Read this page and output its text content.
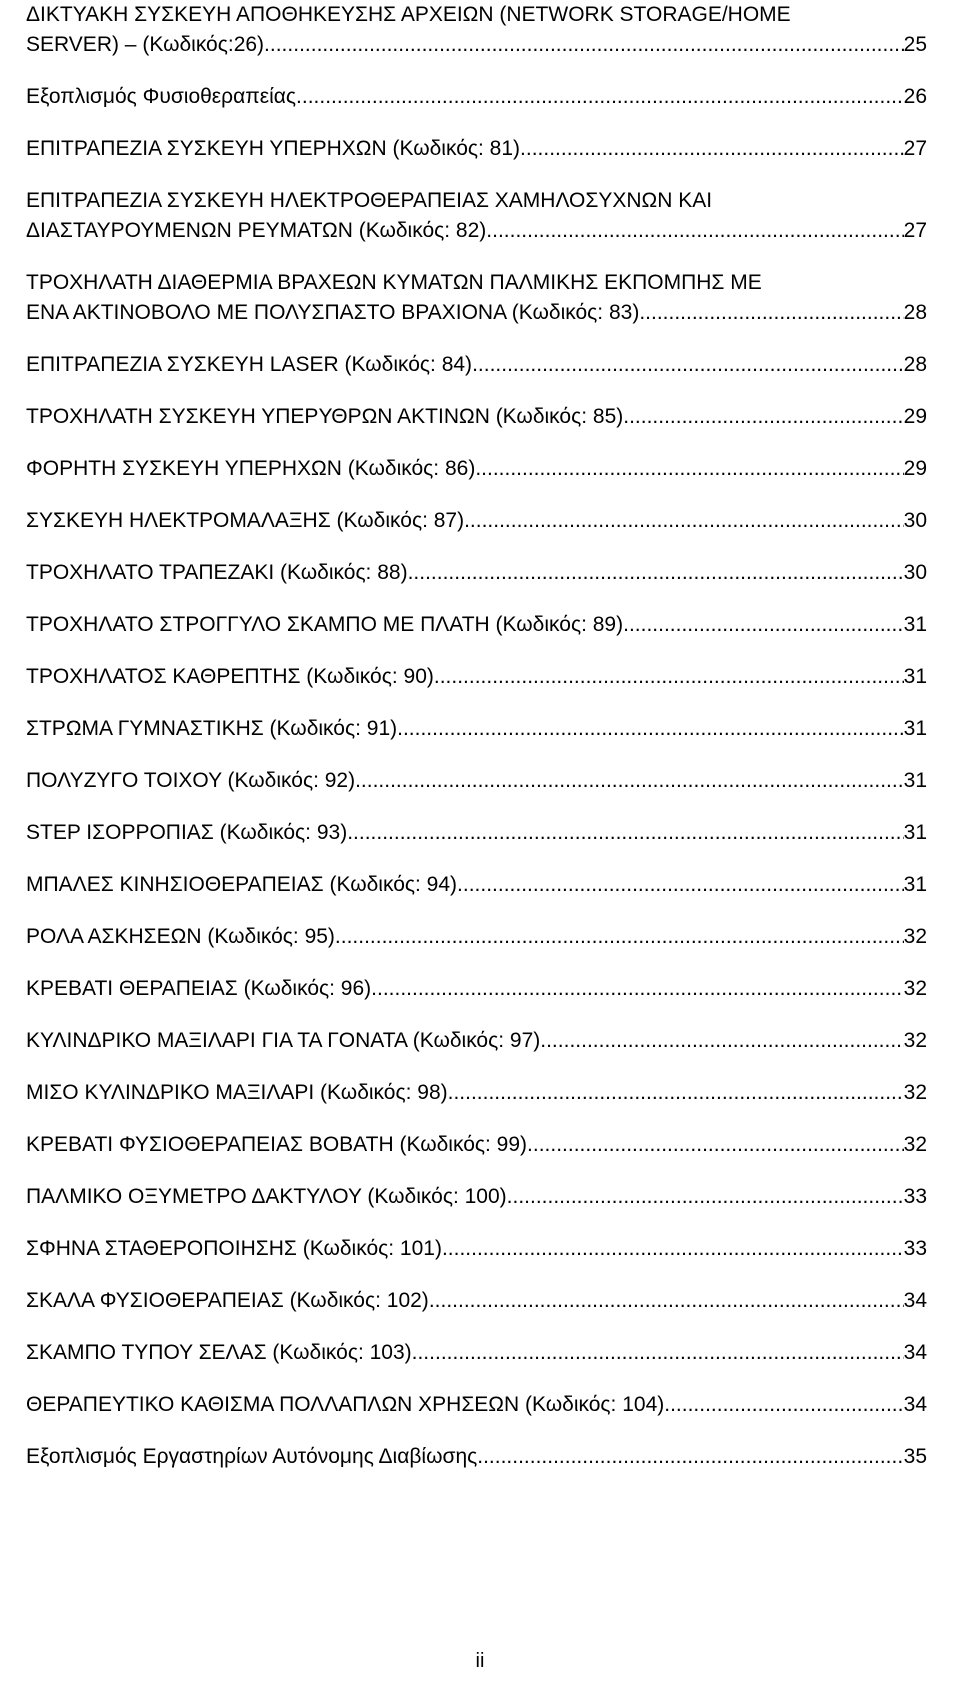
ΔΙΚΤΥΑΚΗ ΣΥΣΚΕΥΗ ΑΠΟΘΗΚΕΥΣΗΣ ΑΡΧΕΙΩΝ (NETWORK STORAGE/HOME
SERVER) – (Κωδικός:26). .....	25
Εξοπλισμός Φυσιοθεραπείας. .....	26
ΕΠΙΤΡΑΠΕΖΙΑ ΣΥΣΚΕΥΗ ΥΠΕΡΗΧΩΝ (Κωδικός: 81). .....	27
ΕΠΙΤΡΑΠΕΖΙΑ ΣΥΣΚΕΥΗ ΗΛΕΚΤΡΟΘΕΡΑΠΕΙΑΣ ΧΑΜΗΛΟΣΥΧΝΩΝ ΚΑΙ
ΔΙΑΣΤΑΥΡΟΥΜΕΝΩΝ ΡΕΥΜΑΤΩΝ (Κωδικός: 82). .....	27
ΤΡΟΧΗΛΑΤΗ ΔΙΑΘΕΡΜΙΑ ΒΡΑΧΕΩΝ ΚΥΜΑΤΩΝ ΠΑΛΜΙΚΗΣ ΕΚΠΟΜΠΗΣ ΜΕ
ΕΝΑ ΑΚΤΙΝΟΒΟΛΟ ΜΕ ΠΟΛΥΣΠΑΣΤΟ ΒΡΑΧΙΟΝΑ (Κωδικός: 83) .....	28
ΕΠΙΤΡΑΠΕΖΙΑ ΣΥΣΚΕΥΗ LASER (Κωδικός: 84) .....	28
ΤΡΟΧΗΛΑΤΗ ΣΥΣΚΕΥΗ ΥΠΕΡΥΘΡΩΝ ΑΚΤΙΝΩΝ (Κωδικός: 85) .....	29
ΦΟΡΗΤΗ ΣΥΣΚΕΥΗ ΥΠΕΡΗΧΩΝ (Κωδικός: 86) .....	29
ΣΥΣΚΕΥΗ ΗΛΕΚΤΡΟΜΑΛΑΞΗΣ (Κωδικός: 87) .....	30
ΤΡΟΧΗΛΑΤΟ ΤΡΑΠΕΖΑΚΙ (Κωδικός: 88) .....	30
ΤΡΟΧΗΛΑΤΟ ΣΤΡΟΓΓΥΛΟ ΣΚΑΜΠΟ ΜΕ ΠΛΑΤΗ (Κωδικός: 89) .....	31
ΤΡΟΧΗΛΑΤΟΣ ΚΑΘΡΕΠΤΗΣ (Κωδικός: 90) .....	31
ΣΤΡΩΜΑ ΓΥΜΝΑΣΤΙΚΗΣ (Κωδικός: 91) .....	31
ΠΟΛΥΖΥΓΟ ΤΟΙΧΟΥ (Κωδικός: 92) .....	31
STEP ΙΣΟΡΡΟΠΙΑΣ (Κωδικός: 93) .....	31
ΜΠΑΛΕΣ ΚΙΝΗΣΙΟΘΕΡΑΠΕΙΑΣ (Κωδικός: 94) .....	31
ΡΟΛΑ ΑΣΚΗΣΕΩΝ (Κωδικός: 95) .....	32
ΚΡΕΒΑΤΙ ΘΕΡΑΠΕΙΑΣ (Κωδικός: 96) .....	32
ΚΥΛΙΝΔΡΙΚΟ ΜΑΞΙΛΑΡΙ ΓΙΑ ΤΑ ΓΟΝΑΤΑ (Κωδικός: 97) .....	32
ΜΙΣΟ ΚΥΛΙΝΔΡΙΚΟ ΜΑΞΙΛΑΡΙ (Κωδικός: 98) .....	32
ΚΡΕΒΑΤΙ ΦΥΣΙΟΘΕΡΑΠΕΙΑΣ ΒΟΒΑΤΗ (Κωδικός: 99) .....	32
ΠΑΛΜΙΚΟ ΟΞΥΜΕΤΡΟ ΔΑΚΤΥΛΟΥ (Κωδικός: 100) .....	33
ΣΦΗΝΑ ΣΤΑΘΕΡΟΠΟΙΗΣΗΣ (Κωδικός: 101) .....	33
ΣΚΑΛΑ ΦΥΣΙΟΘΕΡΑΠΕΙΑΣ (Κωδικός: 102) .....	34
ΣΚΑΜΠΟ ΤΥΠΟΥ ΣΕΛΑΣ (Κωδικός: 103) .....	34
ΘΕΡΑΠΕΥΤΙΚΟ ΚΑΘΙΣΜΑ ΠΟΛΛΑΠΛΩΝ ΧΡΗΣΕΩΝ (Κωδικός: 104) .....	34
Εξοπλισμός Εργαστηρίων Αυτόνομης Διαβίωσης .....	35
ii
